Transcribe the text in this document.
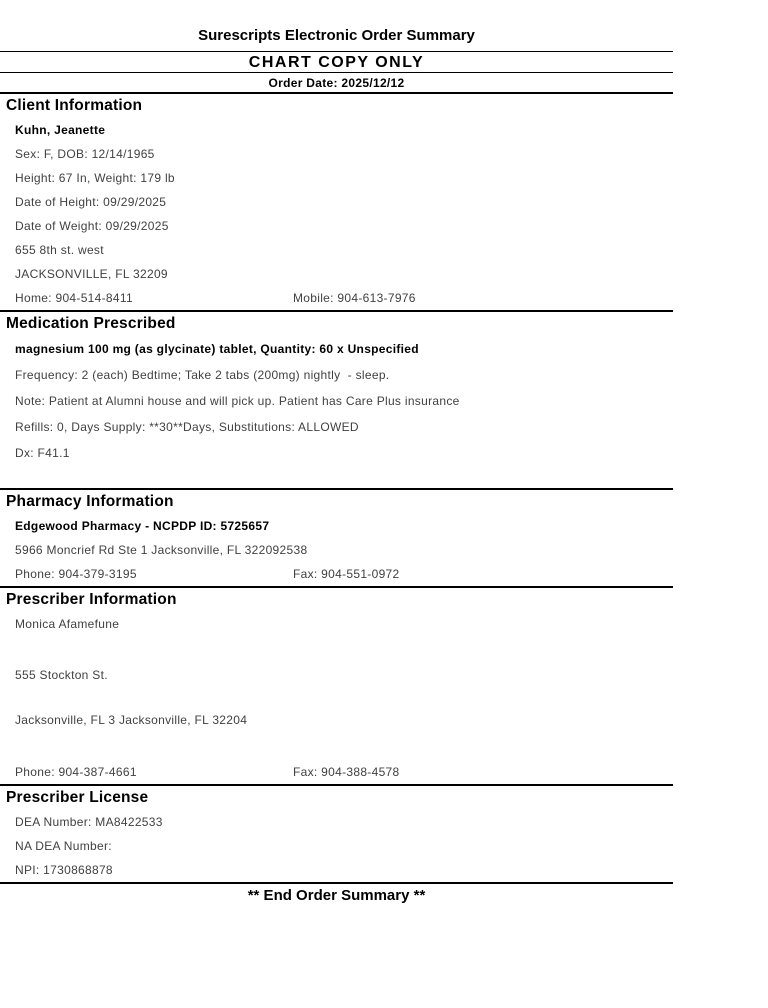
Surescripts Electronic Order Summary
CHART COPY ONLY
Order Date: 2025/12/12
Client Information
Kuhn, Jeanette
Sex: F, DOB: 12/14/1965
Height: 67 In, Weight: 179 lb
Date of Height: 09/29/2025
Date of Weight: 09/29/2025
655 8th st. west
JACKSONVILLE, FL 32209
Home: 904-514-8411	Mobile: 904-613-7976
Medication Prescribed
magnesium 100 mg (as glycinate) tablet, Quantity: 60 x Unspecified
Frequency: 2 (each) Bedtime; Take 2 tabs (200mg) nightly  - sleep.
Note: Patient at Alumni house and will pick up. Patient has Care Plus insurance
Refills: 0, Days Supply: **30**Days, Substitutions: ALLOWED
Dx: F41.1
Pharmacy Information
Edgewood Pharmacy - NCPDP ID: 5725657
5966 Moncrief Rd Ste 1 Jacksonville, FL 322092538
Phone: 904-379-3195	Fax: 904-551-0972
Prescriber Information
Monica Afamefune

555 Stockton St.

Jacksonville, FL 3 Jacksonville, FL 32204

Phone: 904-387-4661	Fax: 904-388-4578
Prescriber License
DEA Number: MA8422533
NA DEA Number:
NPI: 1730868878
** End Order Summary **
